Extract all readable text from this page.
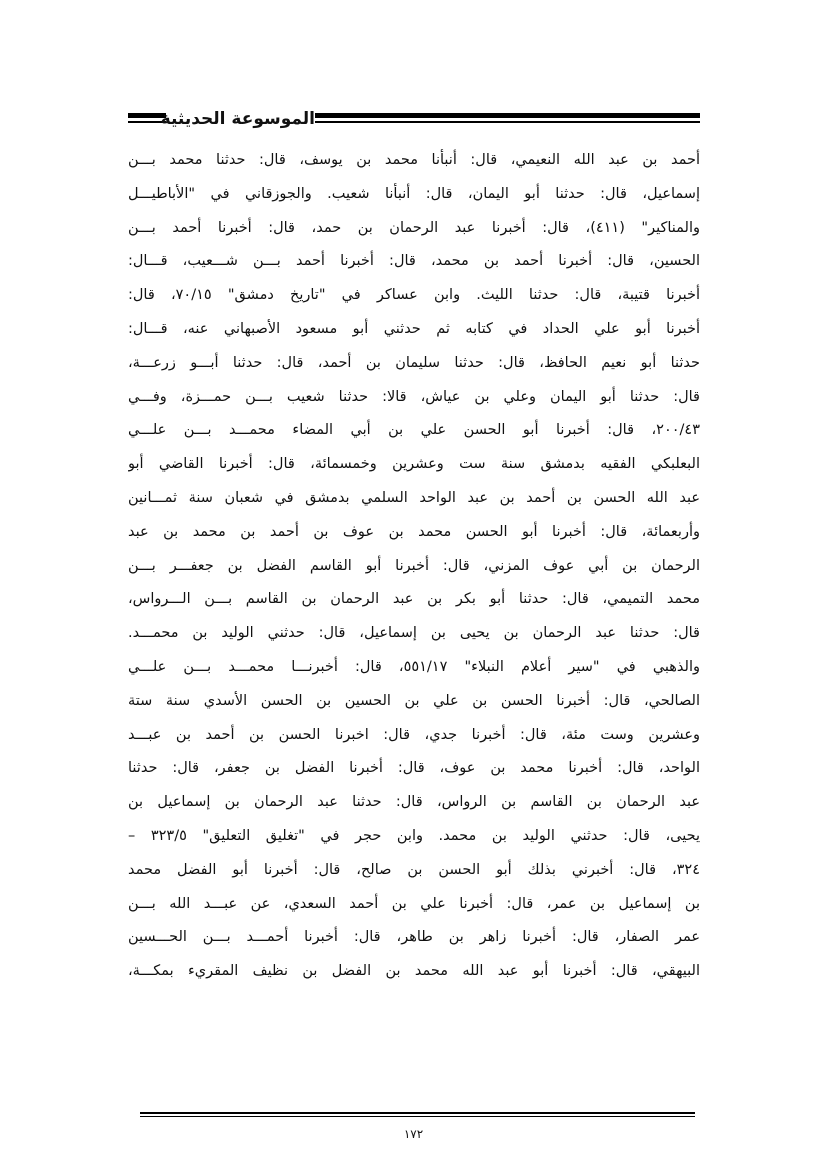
الموسوعة الحديثية
أحمد بن عبد الله النعيمي، قال: أنبأنا محمد بن يوسف، قال: حدثنا محمد بـــن
إسماعيل، قال: حدثنا أبو اليمان، قال: أنبأنا شعيب. والجوزقاني في "الأباطيـــل
والمناكير" (٤١١)، قال: أخبرنا عبد الرحمان بن حمد، قال: أخبرنا أحمد بـــن
الحسين، قال: أخبرنا أحمد بن محمد، قال: أخبرنا أحمد بـــن شـــعيب، قـــال:
أخبرنا قتيبة، قال: حدثنا الليث. وابن عساكر في "تاريخ دمشق" ٧٠/١٥، قال:
أخبرنا أبو علي الحداد في كتابه ثم حدثني أبو مسعود الأصبهاني عنه، قـــال:
حدثنا أبو نعيم الحافظ، قال: حدثنا سليمان بن أحمد، قال: حدثنا أبـــو زرعـــة،
قال: حدثنا أبو اليمان وعلي بن عياش، قالا: حدثنا شعيب بـــن حمـــزة، وفـــي
٢٠٠/٤٣، قال: أخبرنا أبو الحسن علي بن أبي المضاء محمـــد بـــن علـــي
البعلبكي الفقيه بدمشق سنة ست وعشرين وخمسمائة، قال: أخبرنا القاضي أبو
عبد الله الحسن بن أحمد بن عبد الواحد السلمي بدمشق في شعبان سنة ثمـــانين
وأربعمائة، قال: أخبرنا أبو الحسن محمد بن عوف بن أحمد بن محمد بن عبد
الرحمان بن أبي عوف المزني، قال: أخبرنا أبو القاسم الفضل بن جعفـــر بـــن
محمد التميمي، قال: حدثنا أبو بكر بن عبد الرحمان بن القاسم بـــن الـــرواس،
قال: حدثنا عبد الرحمان بن يحيى بن إسماعيل، قال: حدثني الوليد بن محمـــد.
والذهبي في "سير أعلام النبلاء" ٥٥١/١٧، قال: أخبرنـــا محمـــد بـــن علـــي
الصالحي، قال: أخبرنا الحسن بن علي بن الحسين بن الحسن الأسدي سنة ستة
وعشرين وست مئة، قال: أخبرنا جدي، قال: اخبرنا الحسن بن أحمد بن عبـــد
الواحد، قال: أخبرنا محمد بن عوف، قال: أخبرنا الفضل بن جعفر، قال: حدثنا
عبد الرحمان بن القاسم بن الرواس، قال: حدثنا عبد الرحمان بن إسماعيل بن
يحيى، قال: حدثني الوليد بن محمد. وابن حجر في "تغليق التعليق" ٣٢٣/٥ –
٣٢٤، قال: أخبرني بذلك أبو الحسن بن صالح، قال: أخبرنا أبو الفضل محمد
بن إسماعيل بن عمر، قال: أخبرنا علي بن أحمد السعدي، عن عبـــد الله بـــن
عمر الصفار، قال: أخبرنا زاهر بن طاهر، قال: أخبرنا أحمـــد بـــن الحـــسين
البيهقي، قال: أخبرنا أبو عبد الله محمد بن الفضل بن نظيف المقريء بمكـــة،
١٧٢
